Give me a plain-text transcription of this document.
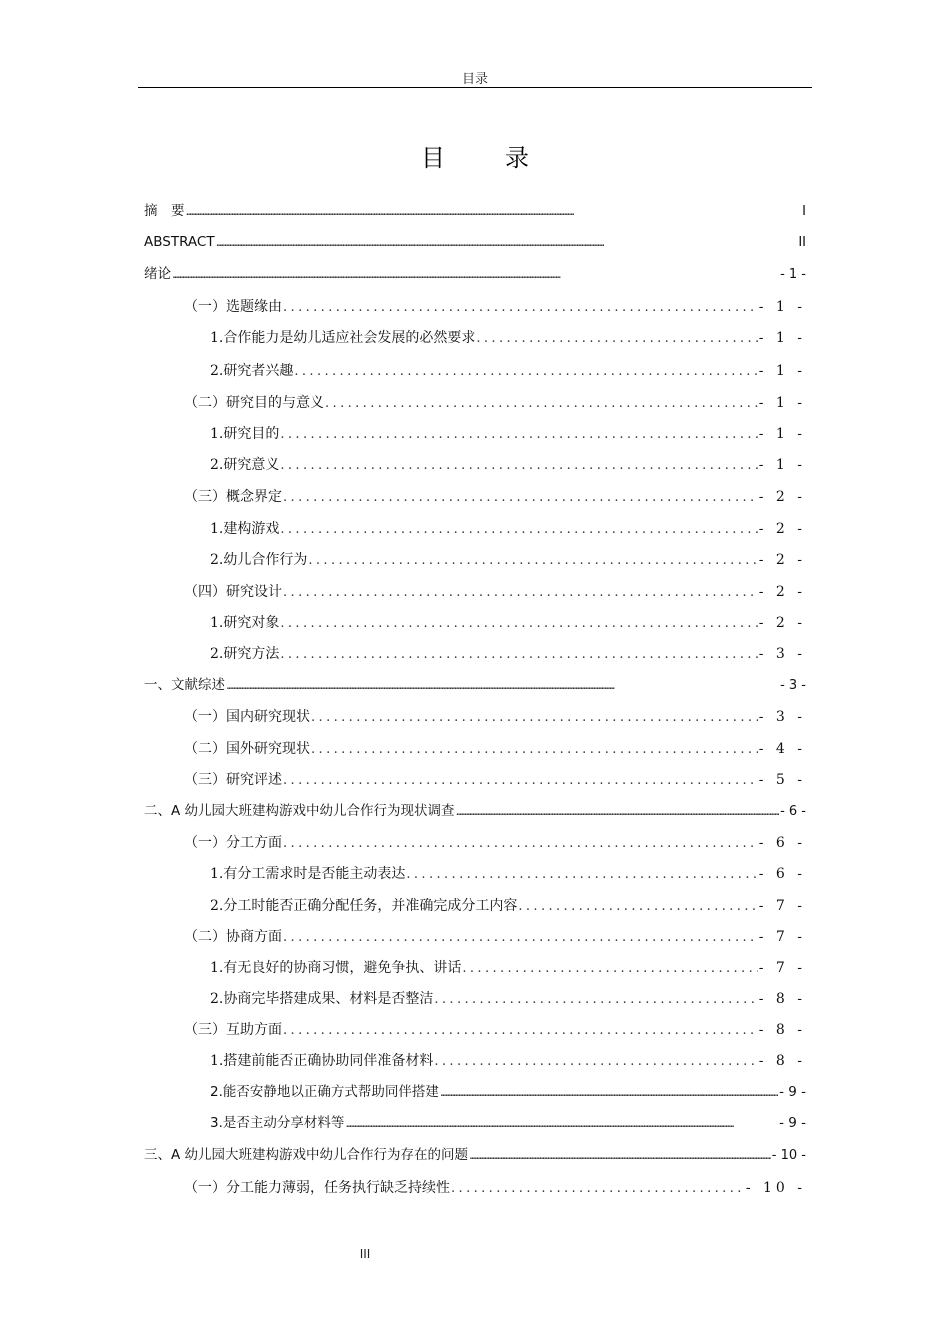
目录
目　录
摘　要 .....	I
ABSTRACT .....	II
绪论 .....	- 1 -
（一）选题缘由 .....	- 1 -
1.合作能力是幼儿适应社会发展的必然要求 .....	- 1 -
2.研究者兴趣 .....	- 1 -
（二）研究目的与意义 .....	- 1 -
1.研究目的 .....	- 1 -
2.研究意义 .....	- 1 -
（三）概念界定 .....	- 2 -
1.建构游戏 .....	- 2 -
2.幼儿合作行为 .....	- 2 -
（四）研究设计 .....	- 2 -
1.研究对象 .....	- 2 -
2.研究方法 .....	- 3 -
一、文献综述 .....	- 3 -
（一）国内研究现状 .....	- 3 -
（二）国外研究现状 .....	- 4 -
（三）研究评述 .....	- 5 -
二、A 幼儿园大班建构游戏中幼儿合作行为现状调查 .....	- 6 -
（一）分工方面 .....	- 6 -
1.有分工需求时是否能主动表达 .....	- 6 -
2.分工时能否正确分配任务，并准确完成分工内容 .....	- 7 -
（二）协商方面 .....	- 7 -
1.有无良好的协商习惯，避免争执、讲话 .....	- 7 -
2.协商完毕搭建成果、材料是否整洁 .....	- 8 -
（三）互助方面 .....	- 8 -
1.搭建前能否正确协助同伴准备材料 .....	- 8 -
2.能否安静地以正确方式帮助同伴搭建 .....	- 9 -
3.是否主动分享材料等 .....	- 9 -
三、A 幼儿园大班建构游戏中幼儿合作行为存在的问题 .....	- 10 -
（一）分工能力薄弱，任务执行缺乏持续性 .....	- 10 -
III
